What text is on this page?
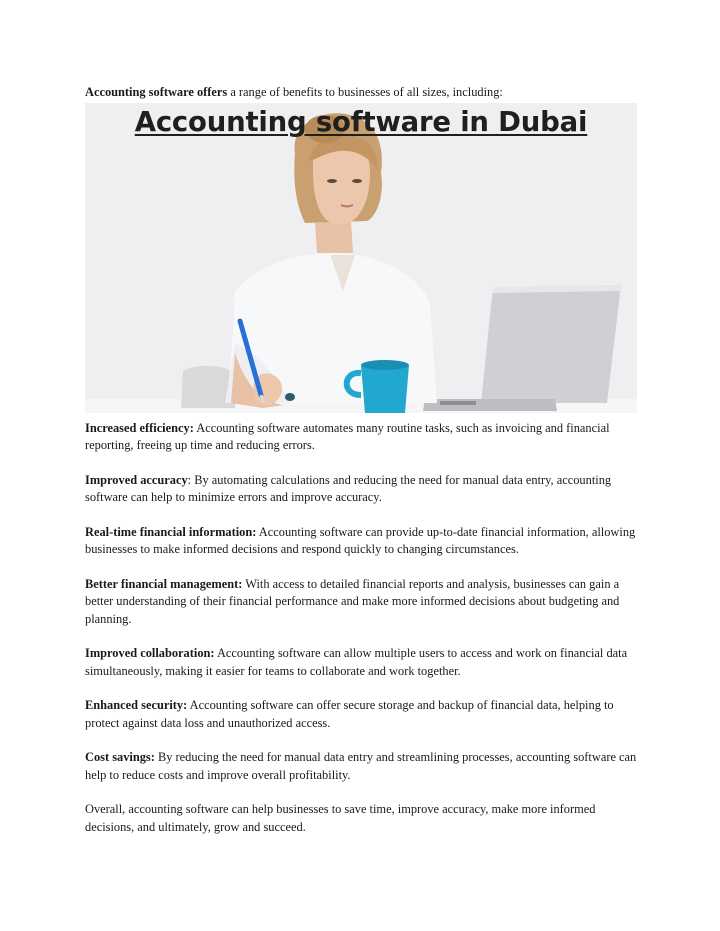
Accounting software offers a range of benefits to businesses of all sizes, including:

Accounting software in Dubai

Increased efficiency: Accounting software automates many routine tasks, such as invoicing and financial reporting, freeing up time and reducing errors.

Improved accuracy: By automating calculations and reducing the need for manual data entry, accounting software can help to minimize errors and improve accuracy.

Real-time financial information: Accounting software can provide up-to-date financial information, allowing businesses to make informed decisions and respond quickly to changing circumstances.

Better financial management: With access to detailed financial reports and analysis, businesses can gain a better understanding of their financial performance and make more informed decisions about budgeting and planning.

Improved collaboration: Accounting software can allow multiple users to access and work on financial data simultaneously, making it easier for teams to collaborate and work together.

Enhanced security: Accounting software can offer secure storage and backup of financial data, helping to protect against data loss and unauthorized access.

Cost savings: By reducing the need for manual data entry and streamlining processes, accounting software can help to reduce costs and improve overall profitability.

Overall, accounting software can help businesses to save time, improve accuracy, make more informed decisions, and ultimately, grow and succeed.
